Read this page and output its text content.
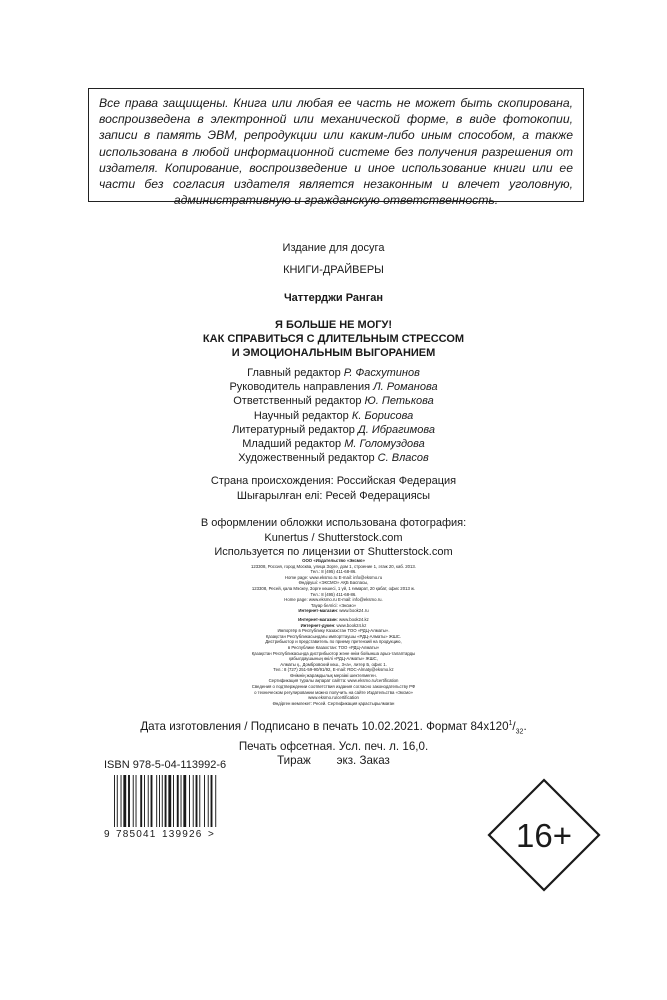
Все права защищены. Книга или любая ее часть не может быть скопирована, воспроизведена в электронной или механической форме, в виде фотокопии, записи в память ЭВМ, репродукции или каким-либо иным способом, а также использована в любой информационной системе без получения разрешения от издателя. Копирование, воспроизведение и иное использование книги или ее части без согласия издателя является незаконным и влечет уголовную, административную и гражданскую ответственность.
Издание для досуга
КНИГИ-ДРАЙВЕРЫ
Чаттерджи Ранган
Я БОЛЬШЕ НЕ МОГУ!
КАК СПРАВИТЬСЯ С ДЛИТЕЛЬНЫМ СТРЕССОМ
И ЭМОЦИОНАЛЬНЫМ ВЫГОРАНИЕМ
Главный редактор Р. Фасхутинов
Руководитель направления Л. Романова
Ответственный редактор Ю. Петькова
Научный редактор К. Борисова
Литературный редактор Д. Ибрагимова
Младший редактор М. Голомуздова
Художественный редактор С. Власов
Страна происхождения: Российская Федерация
Шығарылған елі: Ресей Федерациясы
В оформлении обложки использована фотография:
Kunertus / Shutterstock.com
Используется по лицензии от Shutterstock.com
ООО «Издательство «Эксмо»
123308, Россия, город Москва, улица Зорге, дом 1, строение 1, этаж 20, каб. 2013.
Тел.: 8 (495) 411-68-86.
Home page: www.eksmo.ru E-mail: info@eksmo.ru
Өндіруші: «ЭКСМО» АҚБ Баспасы,
123308, Ресей, қала Мәскеу, Зорге көшесі, 1 үй, 1 ғимарат, 20 қабат, офис 2013 ж.
Тел.: 8 (495) 411-68-86.
Home page: www.eksmo.ru E-mail: info@eksmo.ru.
Тауар белгісі: «Эксмо»
Интернет-магазин: www.book24.ru
Интернет-магазин: www.book24.kz
Интернет-дүкен: www.book24.kz
Импортёр в Республику Казахстан ТОО «РДЦ-Алматы».
Қазақстан Республикасындағы импорттаушы «РДЦ-Алматы» ЖШС.
Дистрибьютор и представитель по приему претензий на продукцию,
в Республике Казахстан: ТОО «РДЦ-Алматы»
Қазақстан Республикасында дистрибьютор және өнім бойынша арыз-талаптарды
қабылдаушының өкілі «РДЦ-Алматы» ЖШС,
Алматы қ., Домбровский көш., 3«а», литер Б, офис 1.
Тел.: 8 (727) 251-59-90/91/92, E-mail: RDC-Almaty@eksmo.kz
Өнімнің жарамдылық мерзімі шектелмеген.
Сертификация туралы ақпарат сайтта: www.eksmo.ru/certification
Сведения о подтверждении соответствия издания согласно законодательству РФ
о техническом регулировании можно получить на сайте Издательства «Эксмо»
www.eksmo.ru/certification
Өндірген мемлекет: Ресей. Сертификация қарастырылмаған
Дата изготовления / Подписано в печать 10.02.2021. Формат $84x120^1/_{32}$.
Печать офсетная. Усл. печ. л. 16,0.
Тираж        экз. Заказ
ISBN 978-5-04-113992-6
9 785041 139926 >	16+
